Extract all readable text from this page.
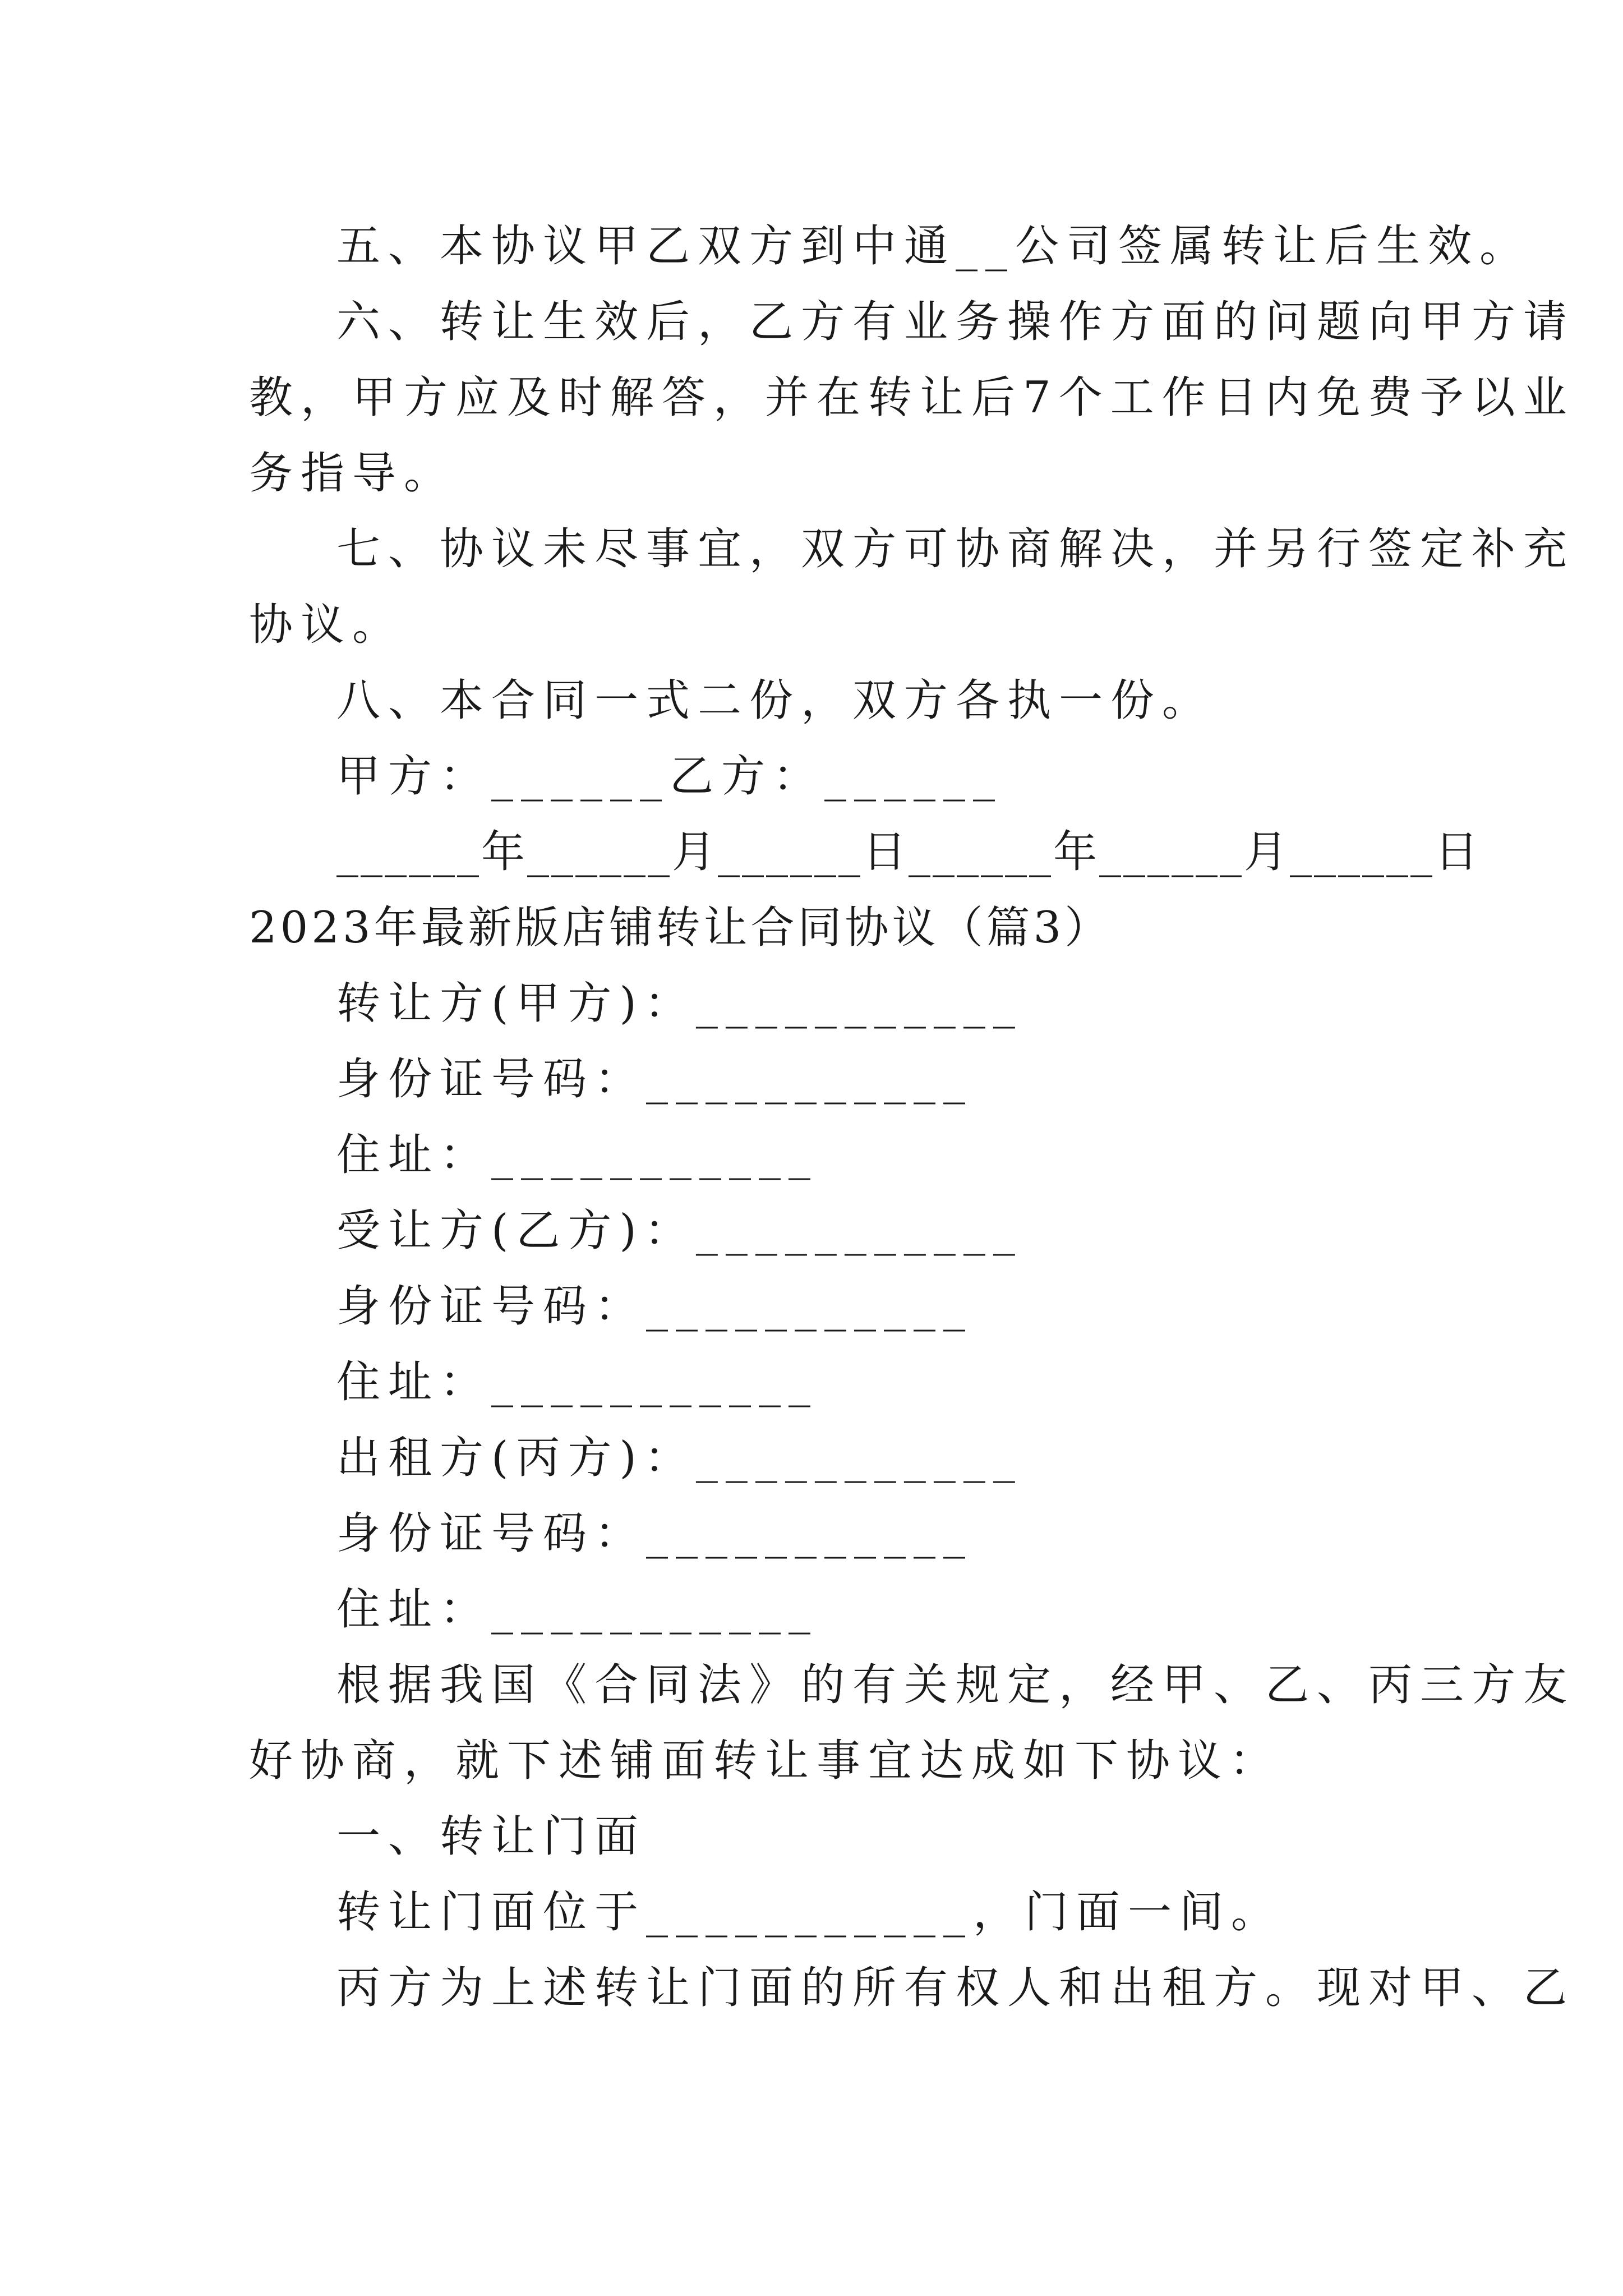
五、本协议甲乙双方到中通__公司签属转让后生效。
六、转让生效后，乙方有业务操作方面的问题向甲方请
教，甲方应及时解答，并在转让后7个工作日内免费予以业
务指导。
七、协议未尽事宜，双方可协商解决，并另行签定补充
协议。
八、本合同一式二份，双方各执一份。
甲方：______乙方：______
______年______月______日______年______月______日
2023年最新版店铺转让合同协议（篇3）
转让方(甲方)：___________
身份证号码：___________
住址：___________
受让方(乙方)：___________
身份证号码：___________
住址：___________
出租方(丙方)：___________
身份证号码：___________
住址：___________
根据我国《合同法》的有关规定，经甲、乙、丙三方友
好协商，就下述铺面转让事宜达成如下协议：
一、转让门面
转让门面位于___________，门面一间。
丙方为上述转让门面的所有权人和出租方。现对甲、乙
